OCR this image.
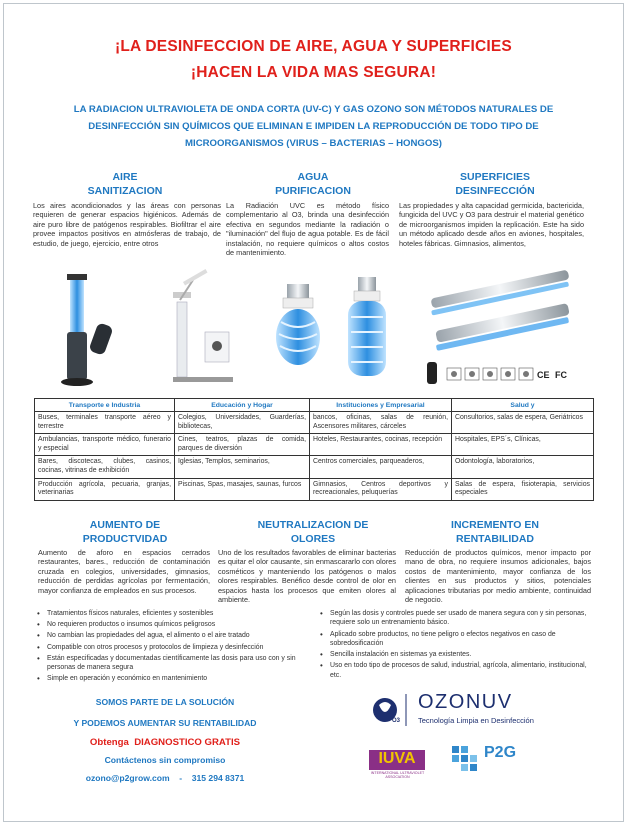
¡LA DESINFECCION DE AIRE, AGUA Y SUPERFICIES
¡HACEN LA VIDA MAS SEGURA!
LA RADIACION ULTRAVIOLETA DE ONDA CORTA (UV-C) Y GAS OZONO SON MÉTODOS NATURALES DE
DESINFECCIÓN SIN QUÍMICOS QUE ELIMINAN E IMPIDEN LA REPRODUCCIÓN DE TODO TIPO DE
MICROORGANISMOS (VIRUS – BACTERIAS – HONGOS)
AIRE
SANITIZACION
Los aires acondicionados y las áreas con personas requieren de generar espacios higiénicos. Además de aire puro libre de patógenos respirables. Biofiltrar el aire provee impactos positivos en atmósferas de trabajo, de estudio, de juego, ejercicio, entre otros
AGUA
PURIFICACION
La Radiación UVC es método físico complementario al O3, brinda una desinfección efectiva en segundos mediante la radiación o "iluminación" del flujo de agua potable. Es de fácil instalación, no requiere químicos o altos costos de mantenimiento.
SUPERFICIES
DESINFECCIÓN
Las propiedades y alta capacidad germicida, bactericida, fungicida del UVC y O3 para destruir el material genético de microorganismos impiden la replicación. Este ha sido un método aplicado desde años en aviones, hospitales, hoteles fábricas. Gimnasios, alimentos,
CE FC
Transporte e Industria	Educación y Hogar	Instituciones y Empresarial	Salud y
Buses, terminales transporte aéreo y terrestre	Colegios, Universidades, Guarderías, bibliotecas,	bancos, oficinas, salas de reunión, Ascensores militares, cárceles	Consultorios, salas de espera, Geriátricos
Ambulancias, transporte médico, funerario y especial	Cines, teatros, plazas de comida, parques de diversión	Hoteles, Restaurantes, cocinas, recepción	Hospitales, EPS´s, Clínicas,
Bares, discotecas, clubes, casinos, cocinas, vitrinas de exhibición	Iglesias, Templos, seminarios,	Centros comerciales, parqueaderos,	Odontología, laboratorios,
Producción agrícola, pecuaria, granjas, veterinarias	Piscinas, Spas, masajes, saunas, furcos	Gimnasios, Centros deportivos y recreacionales, peluquerías	Salas de espera, fisioterapia, servicios especiales
AUMENTO DE
PRODUCTVIDAD
Aumento de aforo en espacios cerrados restaurantes, bares., reducción de contaminación cruzada en colegios, universidades, gimnasios, reducción de perdidas agrícolas por fermentación, mayor confianza de empleados en sus procesos.
NEUTRALIZACION DE
OLORES
Uno de los resultados favorables de eliminar bacterias es quitar el olor causante, sin enmascararlo con olores cosméticos y manteniendo los patógenos o malos olores respirables. Benéfico desde control de olor en espacios hasta los procesos que emiten olores al ambiente.
INCREMENTO EN
RENTABILIDAD
Reducción de productos químicos, menor impacto por mano de obra, no requiere insumos adicionales, bajos costos de mantenimiento, mayor confianza de los clientes en sus productos y sitios, potenciales aplicaciones tributarias por medio ambiente, continuidad de negocio.
• Tratamientos físicos naturales, eficientes y sostenibles
• No requieren productos o insumos químicos peligrosos
• No cambian las propiedades del agua, el alimento o el aire tratado
• Compatible con otros procesos y protocolos de limpieza y desinfección
• Están especificadas y documentadas científicamente las dosis para uso con y sin personas de manera segura
• Simple en operación y económico en mantenimiento
• Según las dosis y controles puede ser usado de manera segura con y sin personas, requiere solo un entrenamiento básico.
• Aplicado sobre productos, no tiene peligro o efectos negativos en caso de sobredosificación
• Sencilla instalación en sistemas ya existentes.
• Uso en todo tipo de procesos de salud, industrial, agrícola, alimentario, institucional, etc.
SOMOS PARTE DE LA SOLUCIÓN
Y PODEMOS AUMENTAR SU RENTABILIDAD
Obtenga DIAGNOSTICO GRATIS
Contáctenos sin compromiso
ozono@p2grow.com - 315 294 8371
OZONUV
Tecnología Limpia en Desinfección
O3
IUVA
INTERNATIONAL ULTRAVIOLET ASSOCIATION
P2G
